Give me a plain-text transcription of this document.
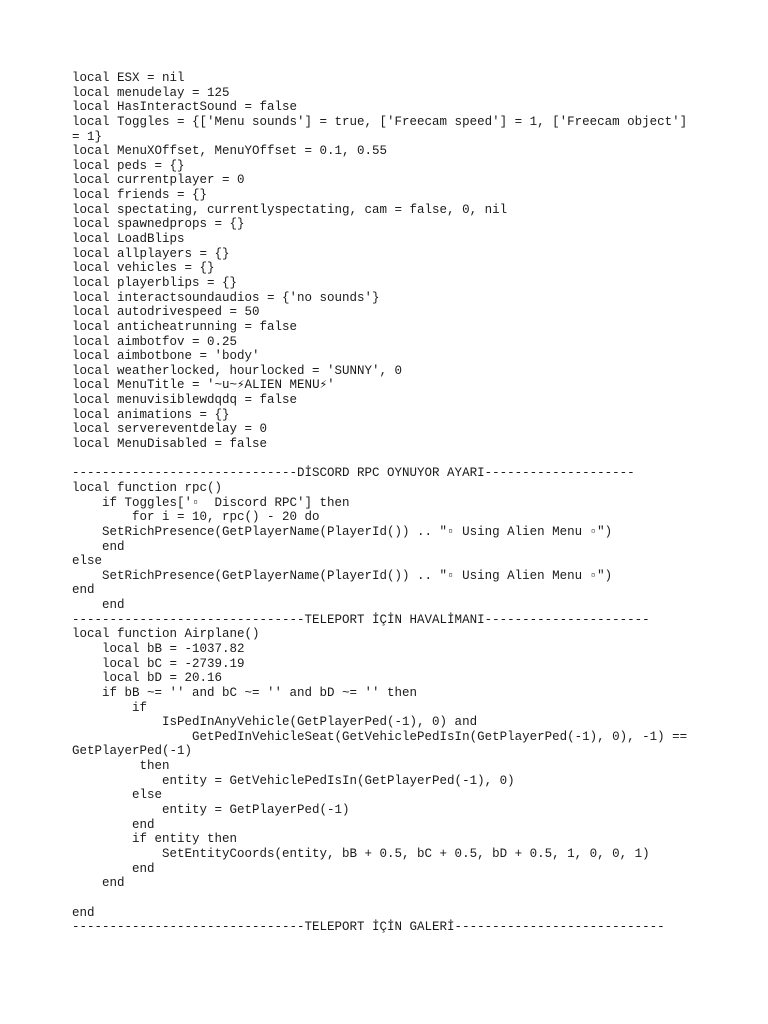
local ESX = nil
local menudelay = 125
local HasInteractSound = false
local Toggles = {['Menu sounds'] = true, ['Freecam speed'] = 1, ['Freecam object']
= 1}
local MenuXOffset, MenuYOffset = 0.1, 0.55
local peds = {}
local currentplayer = 0
local friends = {}
local spectating, currentlyspectating, cam = false, 0, nil
local spawnedprops = {}
local LoadBlips
local allplayers = {}
local vehicles = {}
local playerblips = {}
local interactsoundaudios = {'no sounds'}
local autodrivespeed = 50
local anticheatrunning = false
local aimbotfov = 0.25
local aimbotbone = 'body'
local weatherlocked, hourlocked = 'SUNNY', 0
local MenuTitle = '~u~⚡ALIEN MENU⚡'
local menuvisiblewdqdq = false
local animations = {}
local servereventdelay = 0
local MenuDisabled = false
------------------------------DİSCORD RPC OYNUYOR AYARI--------------------
local function rpc()
if Toggles['▫  Discord RPC'] then
for i = 10, rpc() - 20 do
SetRichPresence(GetPlayerName(PlayerId()) .. "▫ Using Alien Menu ▫")
end
else
SetRichPresence(GetPlayerName(PlayerId()) .. "▫ Using Alien Menu ▫")
end
end
-------------------------------TELEPORT İÇİN HAVALİMANI----------------------
local function Airplane()
local bB = -1037.82
local bC = -2739.19
local bD = 20.16
if bB ~= '' and bC ~= '' and bD ~= '' then
if
IsPedInAnyVehicle(GetPlayerPed(-1), 0) and
GetPedInVehicleSeat(GetVehiclePedIsIn(GetPlayerPed(-1), 0), -1) ==
GetPlayerPed(-1)
then
entity = GetVehiclePedIsIn(GetPlayerPed(-1), 0)
else
entity = GetPlayerPed(-1)
end
if entity then
SetEntityCoords(entity, bB + 0.5, bC + 0.5, bD + 0.5, 1, 0, 0, 1)
end
end
end
-------------------------------TELEPORT İÇİN GALERİ----------------------------
